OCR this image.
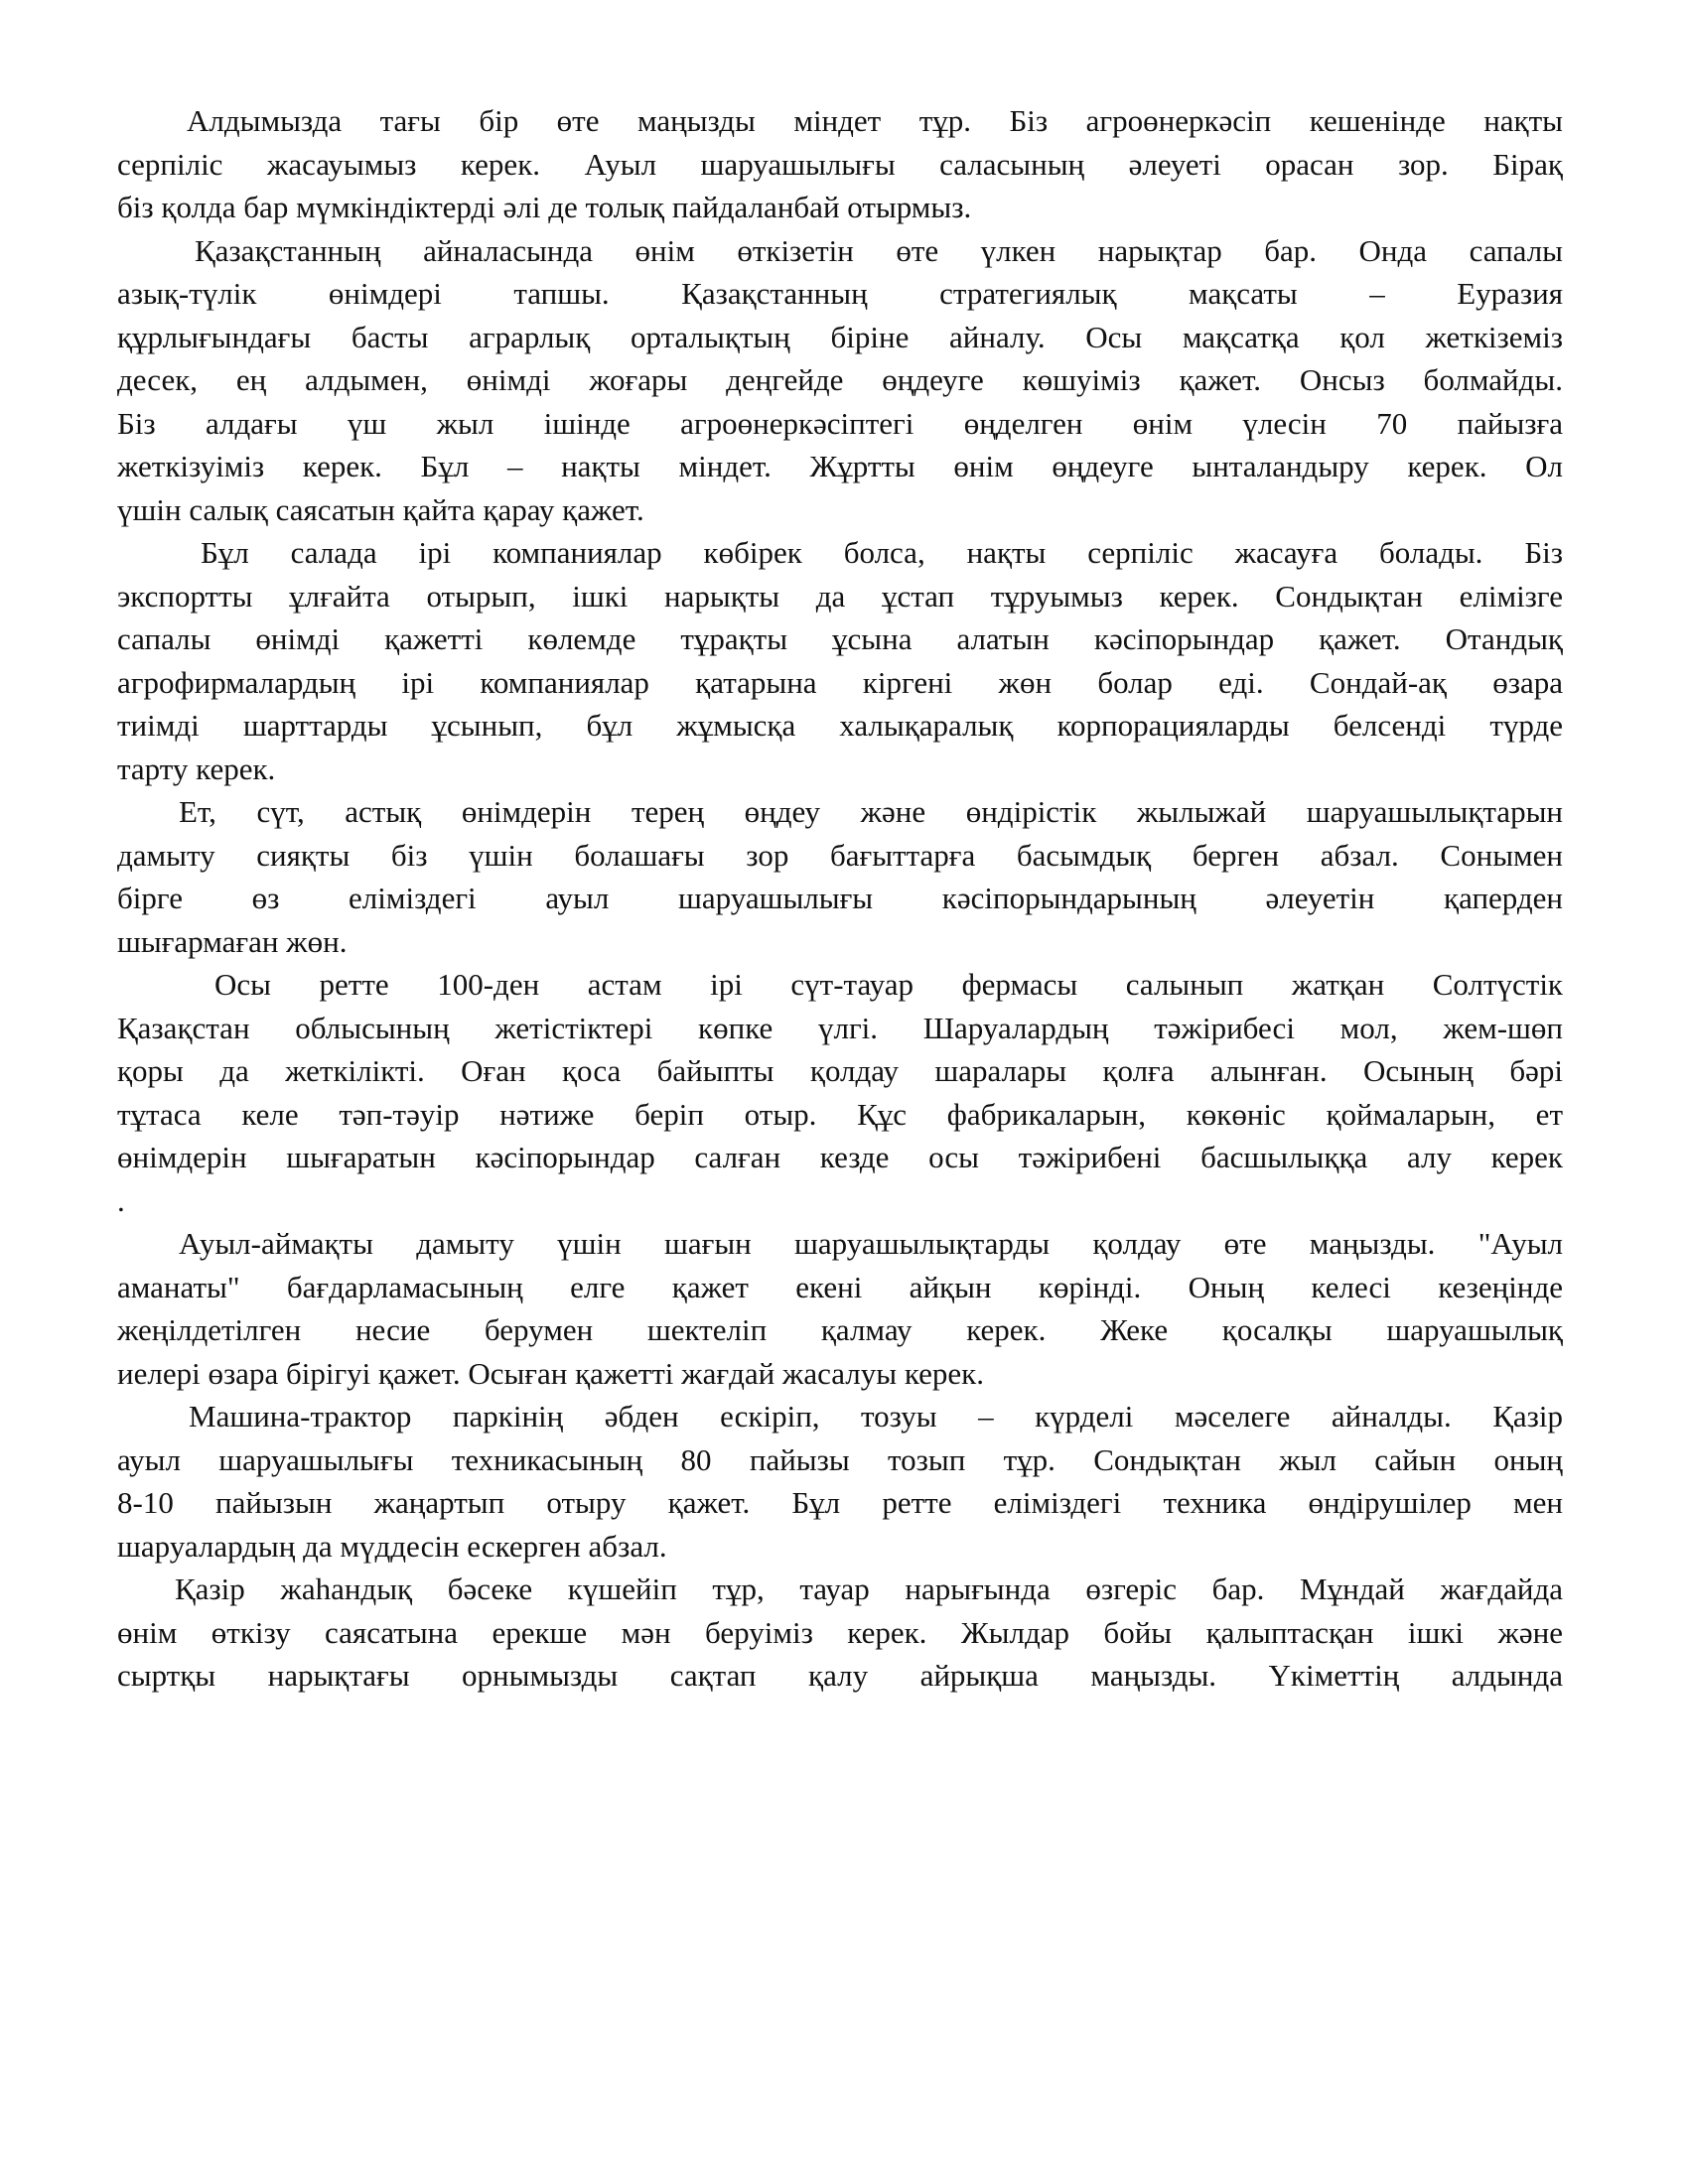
Алдымызда тағы бір өте маңызды міндет тұр. Біз агроөнеркәсіп кешенінде нақты
серпіліс жасауымыз керек. Ауыл шаруашылығы саласының әлеуеті орасан зор. Бірақ
біз қолда бар мүмкіндіктерді әлі де толық пайдаланбай отырмыз.

Қазақстанның айналасында өнім өткізетін өте үлкен нарықтар бар. Онда сапалы
азық-түлік өнімдері тапшы. Қазақстанның стратегиялық мақсаты – Еуразия
құрлығындағы басты аграрлық орталықтың біріне айналу. Осы мақсатқа қол жеткіземіз
десек, ең алдымен, өнімді жоғары деңгейде өңдеуге көшуіміз қажет. Онсыз болмайды.
Біз алдағы үш жыл ішінде агроөнеркәсіптегі өңделген өнім үлесін 70 пайызға
жеткізуіміз керек. Бұл – нақты міндет. Жұртты өнім өңдеуге ынталандыру керек. Ол
үшін салық саясатын қайта қарау қажет.

Бұл салада ірі компаниялар көбірек болса, нақты серпіліс жасауға болады. Біз
экспортты ұлғайта отырып, ішкі нарықты да ұстап тұруымыз керек. Сондықтан елімізге
сапалы өнімді қажетті көлемде тұрақты ұсына алатын кәсіпорындар қажет. Отандық
агрофирмалардың ірі компаниялар қатарына кіргені жөн болар еді. Сондай-ақ өзара
тиімді шарттарды ұсынып, бұл жұмысқа халықаралық корпорацияларды белсенді түрде
тарту керек.

Ет, сүт, астық өнімдерін терең өңдеу және өндірістік жылыжай шаруашылықтарын
дамыту сияқты біз үшін болашағы зор бағыттарға басымдық берген абзал. Сонымен
бірге өз еліміздегі ауыл шаруашылығы кәсіпорындарының әлеуетін қаперден
шығармаған жөн.

Осы ретте 100-ден астам ірі сүт-тауар фермасы салынып жатқан Солтүстік
Қазақстан облысының жетістіктері көпке үлгі. Шаруалардың тәжірибесі мол, жем-шөп
қоры да жеткілікті. Оған қоса байыпты қолдау шаралары қолға алынған. Осының бәрі
тұтаса келе тәп-тәуір нәтиже беріп отыр. Құс фабрикаларын, көкөніс қоймаларын, ет
өнімдерін шығаратын кәсіпорындар салған кезде осы тәжірибені басшылыққа алу керек
.

Ауыл-аймақты дамыту үшін шағын шаруашылықтарды қолдау өте маңызды. "Ауыл
аманаты" бағдарламасының елге қажет екені айқын көрінді. Оның келесі кезеңінде
жеңілдетілген несие берумен шектеліп қалмау керек. Жеке қосалқы шаруашылық
иелері өзара бірігуі қажет. Осыған қажетті жағдай жасалуы керек.

Машина-трактор паркінің әбден ескіріп, тозуы – күрделі мәселеге айналды. Қазір
ауыл шаруашылығы техникасының 80 пайызы тозып тұр. Сондықтан жыл сайын оның
8-10 пайызын жаңартып отыру қажет. Бұл ретте еліміздегі техника өндірушілер мен
шаруалардың да мүддесін ескерген абзал.

Қазір жаһандық бәсеке күшейіп тұр, тауар нарығында өзгеріс бар. Мұндай жағдайда
өнім өткізу саясатына ерекше мән беруіміз керек. Жылдар бойы қалыптасқан ішкі және
сыртқы нарықтағы орнымызды сақтап қалу айрықша маңызды. Үкіметтің алдында
